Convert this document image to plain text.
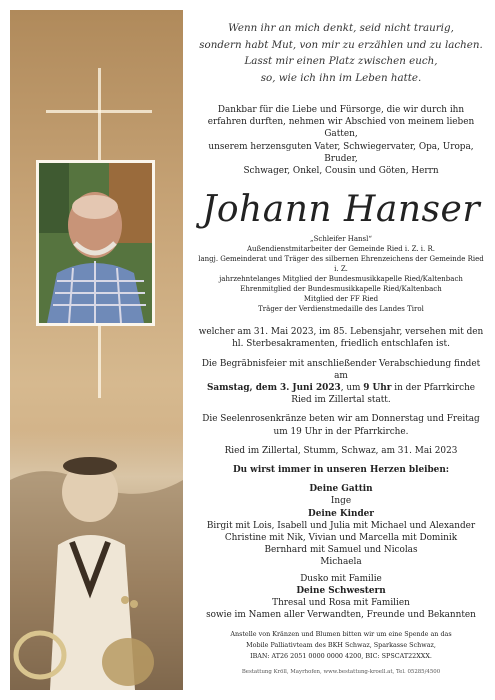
Wenn ihr an mich denkt, seid nicht traurig,
sondern habt Mut, von mir zu erzählen und zu lachen.
Lasst mir einen Platz zwischen euch,
so, wie ich ihn im Leben hatte.

Dankbar für die Liebe und Fürsorge, die wir durch ihn

erfahren durften, nehmen wir Abschied von meinem lieben Gatten,

unserem herzensguten Vater, Schwiegervater, Opa, Uropa, Bruder,

Schwager, Onkel, Cousin und Göten, Herrn

Johann Hanser

„Schleifer Hansl“

Außendienstmitarbeiter der Gemeinde Ried i. Z. i. R.

langj. Gemeinderat und Träger des silbernen Ehrenzeichens der Gemeinde Ried i. Z.

jahrzehntelanges Mitglied der Bundesmusikkapelle Ried/Kaltenbach

Ehrenmitglied der Bundesmusikkapelle Ried/Kaltenbach

Mitglied der FF Ried

Träger der Verdienstmedaille des Landes Tirol

welcher am 31. Mai 2023, im 85. Lebensjahr, versehen mit den

hl. Sterbesakramenten, friedlich entschlafen ist.

Die Begräbnisfeier mit anschließender Verabschiedung findet am

Samstag, dem 3. Juni 2023, um 9 Uhr in der Pfarrkirche

Ried im Zillertal statt.

Die Seelenrosenkränze beten wir am Donnerstag und Freitag

um 19 Uhr in der Pfarrkirche.

Ried im Zillertal, Stumm, Schwaz, am 31. Mai 2023

Du wirst immer in unseren Herzen bleiben:

Deine Gattin

Inge

Deine Kinder

Birgit mit Lois, Isabell und Julia mit Michael und Alexander

Christine mit Nik, Vivian und Marcella mit Dominik

Bernhard mit Samuel und Nicolas

Michaela

Dusko mit Familie

Deine Schwestern

Thresal und Rosa mit Familien

sowie im Namen aller Verwandten, Freunde und Bekannten

Anstelle von Kränzen und Blumen bitten wir um eine Spende an das

Mobile Palliativteam des BKH Schwaz, Sparkasse Schwaz,

IBAN: AT26 2051 0000 0000 4200, BIC: SPSCAT22XXX.

Bestattung Kröll, Mayrhofen, www.bestattung-kroell.at, Tel. 05285/4500
